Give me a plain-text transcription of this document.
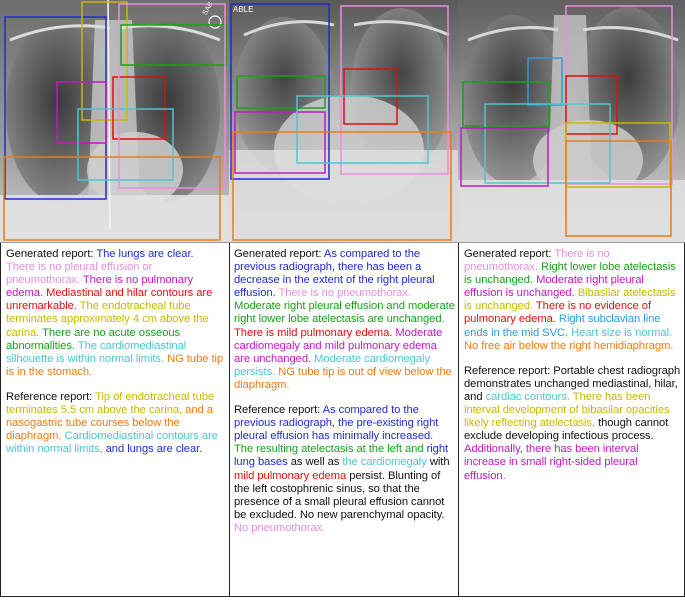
SAB

Generated report: The lungs are clear. There is no pleural effusion or pneumothorax. There is no pulmonary edema. Mediastinal and hilar contours are unremarkable. The endotracheal tube terminates approximately 4 cm above the carina. There are no acute osseous abnormalities. The cardiomediastinal silhouette is within normal limits. NG tube tip is in the stomach.

Reference report: Tip of endotracheal tube terminates 5.5 cm above the carina, and a nasogastric tube courses below the diaphragm. Cardiomediastinal contours are within normal limits, and lungs are clear.

ABLE

Generated report: As compared to the previous radiograph, there has been a decrease in the extent of the right pleural effusion. There is no pneumothorax. Moderate right pleural effusion and moderate right lower lobe atelectasis are unchanged. There is mild pulmonary edema. Moderate cardiomegaly and mild pulmonary edema are unchanged. Moderate cardiomegaly persists. NG tube tip is out of view below the diaphragm.

Reference report: As compared to the previous radiograph, the pre-existing right pleural effusion has minimally increased. The resulting atelectasis at the left and right lung bases as well as the cardiomegaly with mild pulmonary edema persist. Blunting of the left costophrenic sinus, so that the presence of a small pleural effusion cannot be excluded. No new parenchymal opacity. No pneumothorax.

Generated report: There is no pneumothorax. Right lower lobe atelectasis is unchanged. Moderate right pleural effusion is unchanged. Bibasilar atelectasis is unchanged. There is no evidence of pulmonary edema. Right subclavian line ends in the mid SVC. Heart size is normal. No free air below the right hemidiaphragm.

Reference report: Portable chest radiograph demonstrates unchanged mediastinal, hilar, and cardiac contours. There has been interval development of bibasilar opacities likely reflecting atelectasis, though cannot exclude developing infectious process. Additionally, there has been interval increase in small right-sided pleural effusion.
